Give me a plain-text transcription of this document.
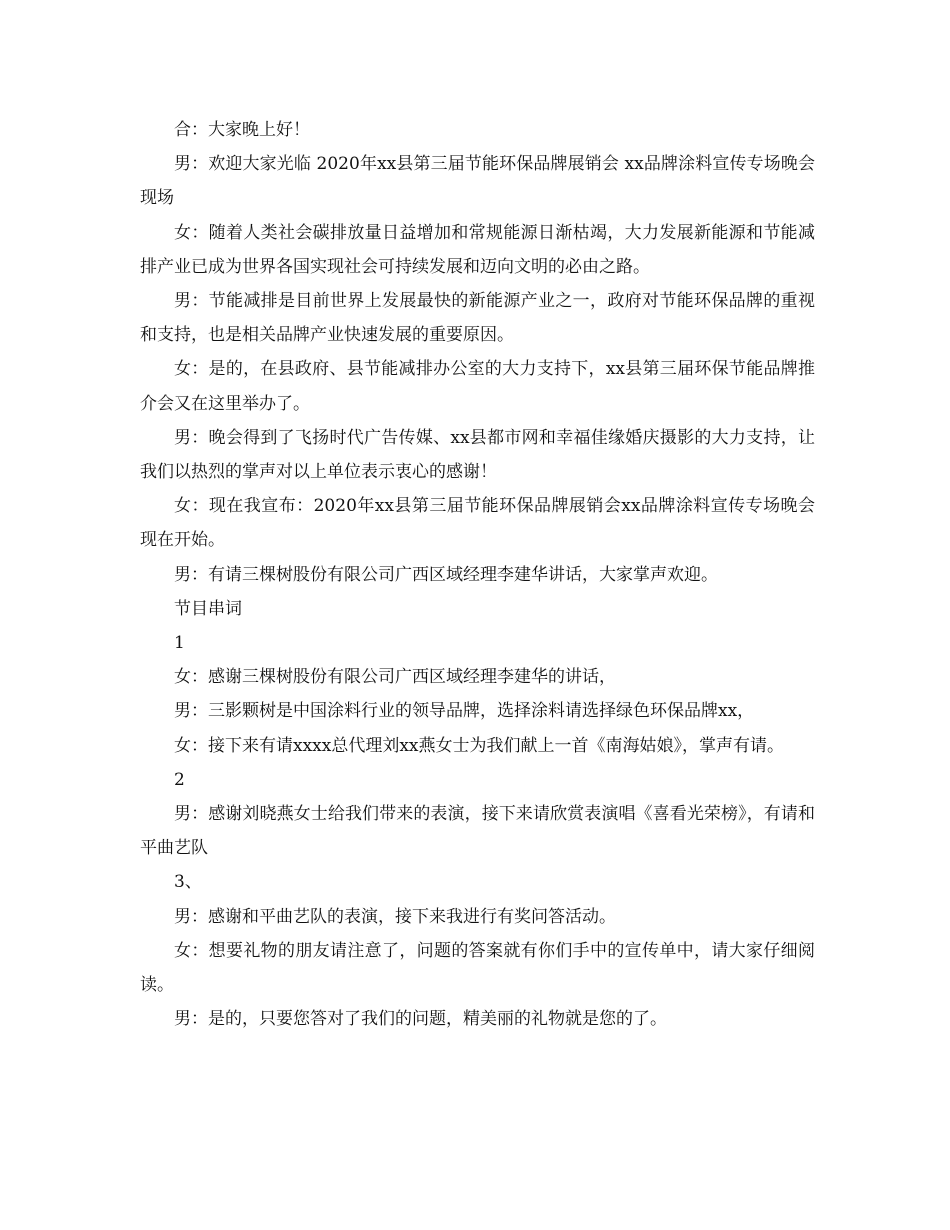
合：大家晚上好！

男：欢迎大家光临 2020年xx县第三届节能环保品牌展销会 xx品牌涂料宣传专场晚会现场

女：随着人类社会碳排放量日益增加和常规能源日渐枯竭，大力发展新能源和节能减排产业已成为世界各国实现社会可持续发展和迈向文明的必由之路。

男：节能减排是目前世界上发展最快的新能源产业之一，政府对节能环保品牌的重视和支持，也是相关品牌产业快速发展的重要原因。

女：是的，在县政府、县节能减排办公室的大力支持下，xx县第三届环保节能品牌推介会又在这里举办了。

男：晚会得到了飞扬时代广告传媒、xx县都市网和幸福佳缘婚庆摄影的大力支持，让我们以热烈的掌声对以上单位表示衷心的感谢！

女：现在我宣布：2020年xx县第三届节能环保品牌展销会xx品牌涂料宣传专场晚会现在开始。

男：有请三棵树股份有限公司广西区域经理李建华讲话，大家掌声欢迎。

节目串词

1

女：感谢三棵树股份有限公司广西区域经理李建华的讲话，

男：三影颗树是中国涂料行业的领导品牌，选择涂料请选择绿色环保品牌xx，

女：接下来有请xxxx总代理刘xx燕女士为我们献上一首《南海姑娘》，掌声有请。

2

男：感谢刘晓燕女士给我们带来的表演，接下来请欣赏表演唱《喜看光荣榜》，有请和平曲艺队

3、

男：感谢和平曲艺队的表演，接下来我进行有奖问答活动。

女：想要礼物的朋友请注意了，问题的答案就有你们手中的宣传单中，请大家仔细阅读。

男：是的，只要您答对了我们的问题，精美丽的礼物就是您的了。
